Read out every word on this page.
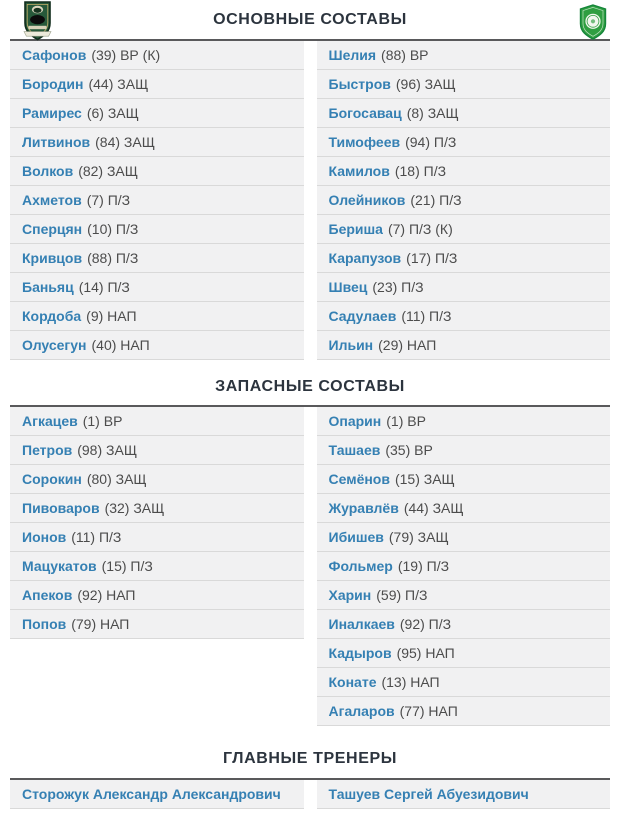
ОСНОВНЫЕ СОСТАВЫ
Сафонов (39) ВР (К)
Бородин (44) ЗАЩ
Рамирес (6) ЗАЩ
Литвинов (84) ЗАЩ
Волков (82) ЗАЩ
Ахметов (7) П/З
Сперцян (10) П/З
Кривцов (88) П/З
Баньяц (14) П/З
Кордоба (9) НАП
Олусегун (40) НАП
Шелия (88) ВР
Быстров (96) ЗАЩ
Богосавац (8) ЗАЩ
Тимофеев (94) П/З
Камилов (18) П/З
Олейников (21) П/З
Бериша (7) П/З (К)
Карапузов (17) П/З
Швец (23) П/З
Садулаев (11) П/З
Ильин (29) НАП
ЗАПАСНЫЕ СОСТАВЫ
Агкацев (1) ВР
Петров (98) ЗАЩ
Сорокин (80) ЗАЩ
Пивоваров (32) ЗАЩ
Ионов (11) П/З
Мацукатов (15) П/З
Апеков (92) НАП
Попов (79) НАП
Опарин (1) ВР
Ташаев (35) ВР
Семёнов (15) ЗАЩ
Журавлёв (44) ЗАЩ
Ибишев (79) ЗАЩ
Фольмер (19) П/З
Харин (59) П/З
Иналкаев (92) П/З
Кадыров (95) НАП
Конате (13) НАП
Агаларов (77) НАП
ГЛАВНЫЕ ТРЕНЕРЫ
Сторожук Александр Александрович	Ташуев Сергей Абуезидович
